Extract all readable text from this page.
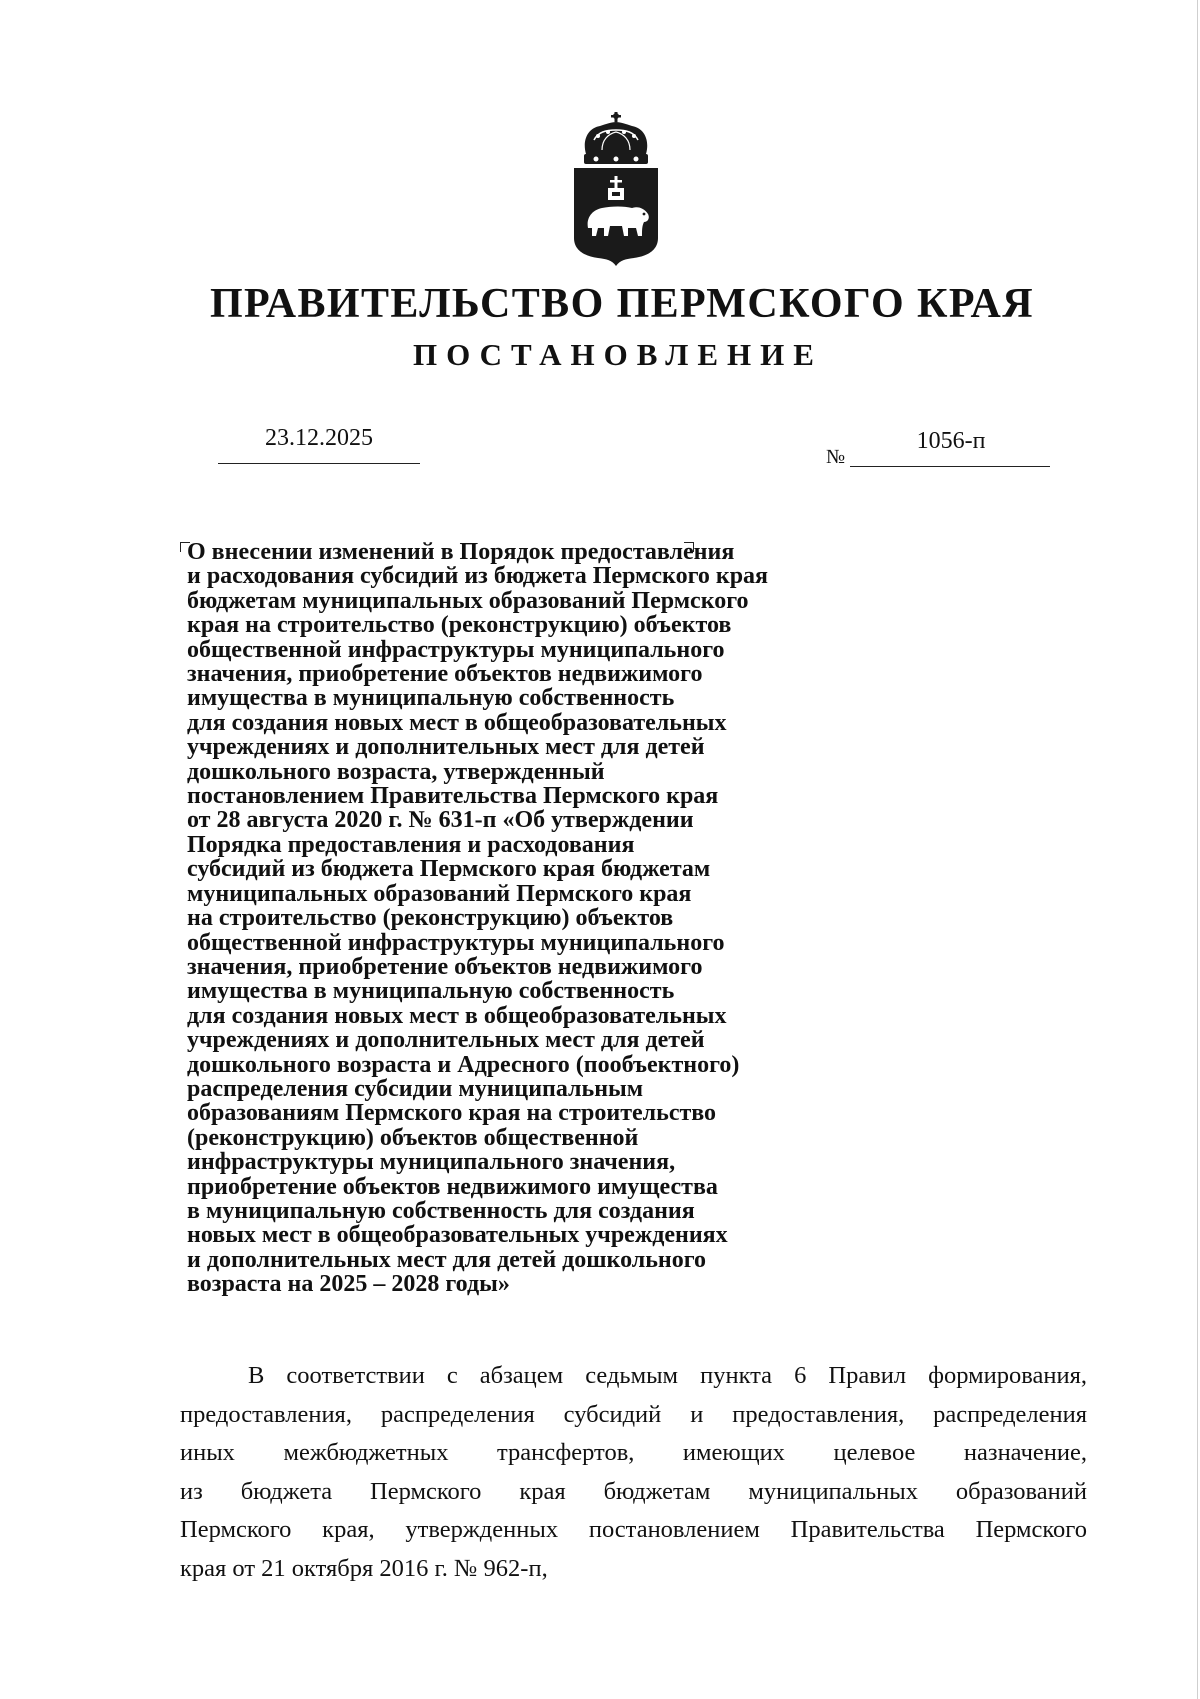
ПРАВИТЕЛЬСТВО ПЕРМСКОГО КРАЯ
ПОСТАНОВЛЕНИЕ
23.12.2025
№
1056-п
О внесении изменений в Порядок предоставления
и расходования субсидий из бюджета Пермского края
бюджетам муниципальных образований Пермского
края на строительство (реконструкцию) объектов
общественной инфраструктуры муниципального
значения, приобретение объектов недвижимого
имущества в муниципальную собственность
для создания новых мест в общеобразовательных
учреждениях и дополнительных мест для детей
дошкольного возраста, утвержденный
постановлением Правительства Пермского края
от 28 августа 2020 г. № 631-п «Об утверждении
Порядка предоставления и расходования
субсидий из бюджета Пермского края бюджетам
муниципальных образований Пермского края
на строительство (реконструкцию) объектов
общественной инфраструктуры муниципального
значения, приобретение объектов недвижимого
имущества в муниципальную собственность
для создания новых мест в общеобразовательных
учреждениях и дополнительных мест для детей
дошкольного возраста и Адресного (пообъектного)
распределения субсидии муниципальным
образованиям Пермского края на строительство
(реконструкцию) объектов общественной
инфраструктуры муниципального значения,
приобретение объектов недвижимого имущества
в муниципальную собственность для создания
новых мест в общеобразовательных учреждениях
и дополнительных мест для детей дошкольного
возраста на 2025 – 2028 годы»
В соответствии с абзацем седьмым пункта 6 Правил формирования,
предоставления, распределения субсидий и предоставления, распределения
иных межбюджетных трансфертов, имеющих целевое назначение,
из бюджета Пермского края бюджетам муниципальных образований
Пермского края, утвержденных постановлением Правительства Пермского
края от 21 октября 2016 г. № 962-п,
